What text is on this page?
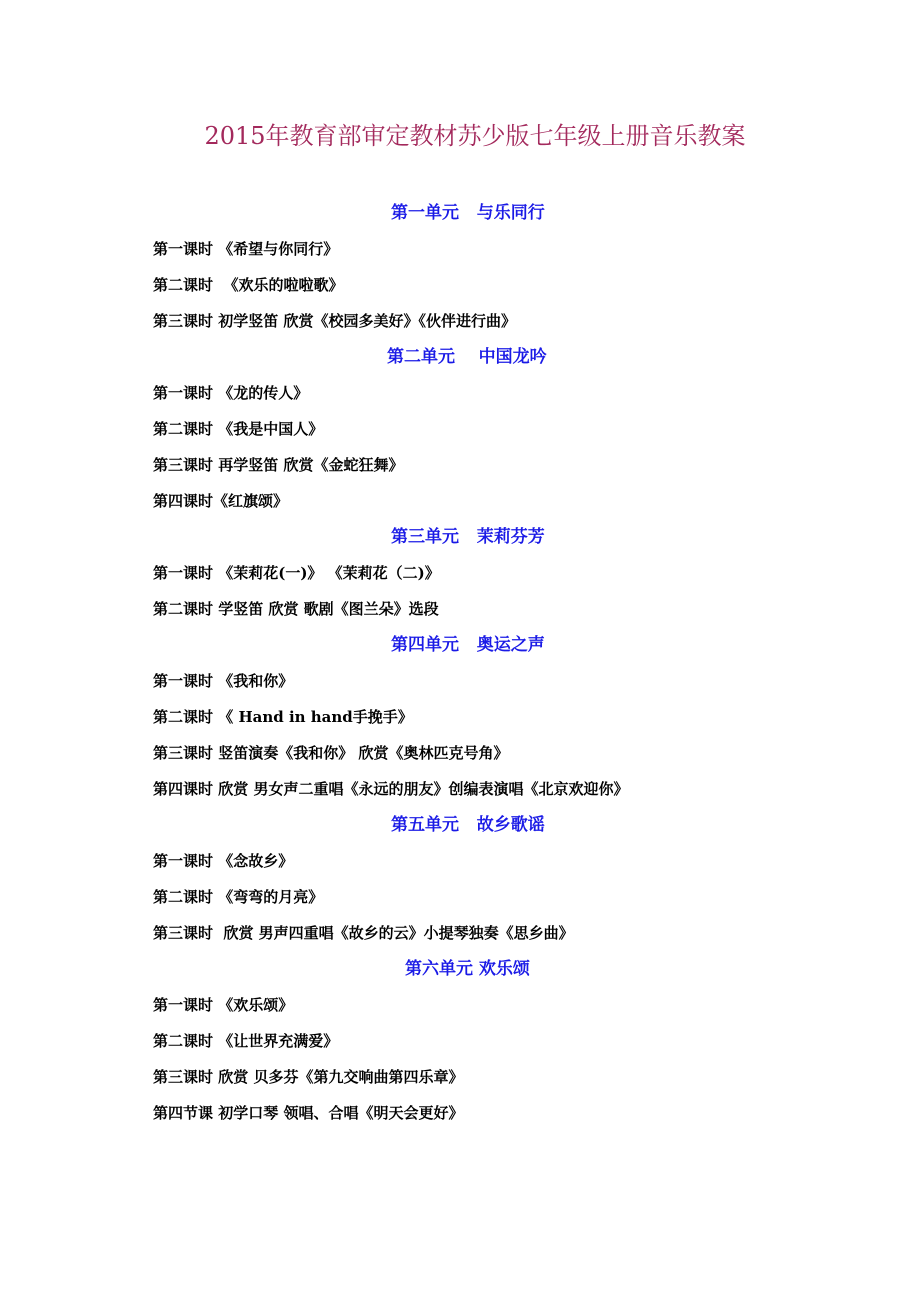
2015年教育部审定教材苏少版七年级上册音乐教案
第一单元   与乐同行
第一课时 《希望与你同行》
第二课时  《欢乐的啦啦歌》
第三课时 初学竖笛 欣赏《校园多美好》《伙伴进行曲》
第二单元    中国龙吟
第一课时 《龙的传人》
第二课时 《我是中国人》
第三课时 再学竖笛 欣赏《金蛇狂舞》
第四课时《红旗颂》
第三单元   茉莉芬芳
第一课时 《茉莉花(一)》 《茉莉花（二)》
第二课时 学竖笛 欣赏 歌剧《图兰朵》选段
第四单元   奥运之声
第一课时 《我和你》
第二课时 《 Hand in hand手挽手》
第三课时 竖笛演奏《我和你》 欣赏《奥林匹克号角》
第四课时 欣赏 男女声二重唱《永远的朋友》创编表演唱《北京欢迎你》
第五单元   故乡歌谣
第一课时 《念故乡》
第二课时 《弯弯的月亮》
第三课时  欣赏 男声四重唱《故乡的云》小提琴独奏《思乡曲》
第六单元 欢乐颂
第一课时 《欢乐颂》
第二课时 《让世界充满爱》
第三课时 欣赏 贝多芬《第九交响曲第四乐章》
第四节课 初学口琴 领唱、合唱《明天会更好》
